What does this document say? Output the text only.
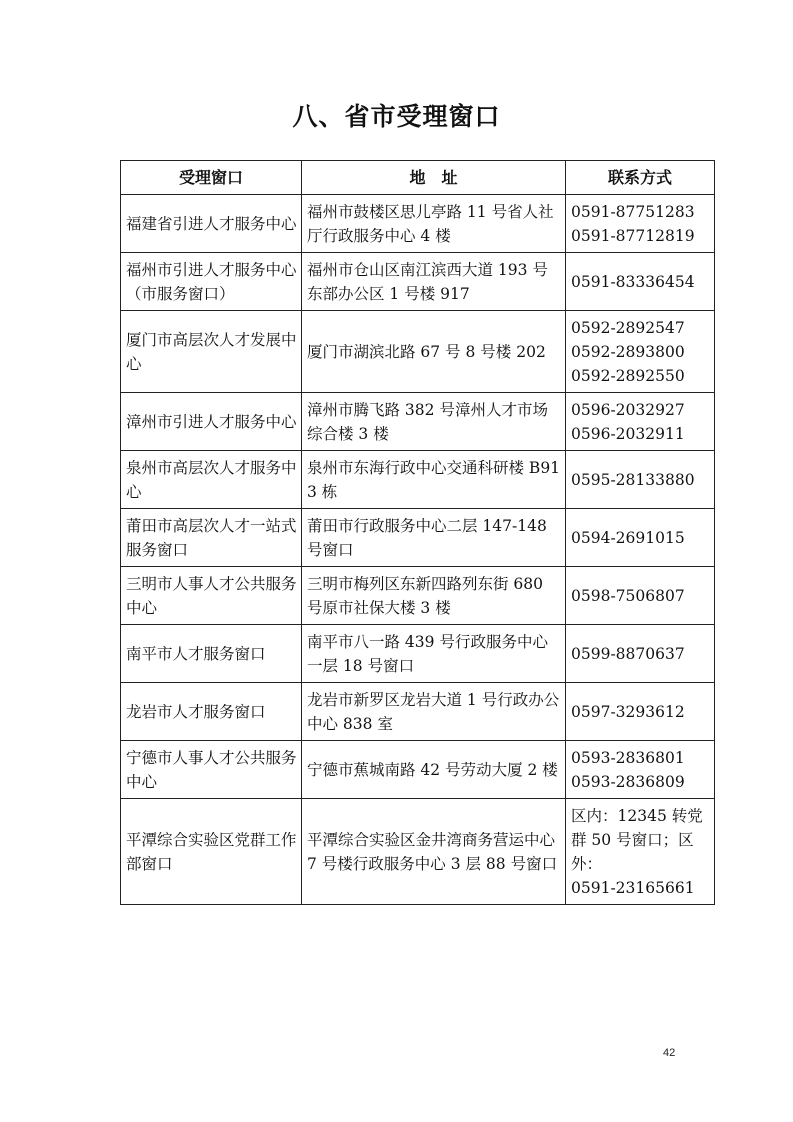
八、省市受理窗口
受理窗口	地　址	联系方式
福建省引进人才服务中心	福州市鼓楼区思儿亭路 11 号省人社厅行政服务中心 4 楼	0591-87751283
0591-87712819

福州市引进人才服务中心（市服务窗口）	福州市仓山区南江滨西大道 193 号东部办公区 1 号楼 917	0591-83336454

厦门市高层次人才发展中心	厦门市湖滨北路 67 号 8 号楼 202	0592-2892547
0592-2893800
0592-2892550

漳州市引进人才服务中心	漳州市腾飞路 382 号漳州人才市场综合楼 3 楼	0596-2032927
0596-2032911

泉州市高层次人才服务中心	泉州市东海行政中心交通科研楼 B913 栋	0595-28133880

莆田市高层次人才一站式服务窗口	莆田市行政服务中心二层 147-148 号窗口	0594-2691015

三明市人事人才公共服务中心	三明市梅列区东新四路列东街 680 号原市社保大楼 3 楼	0598-7506807

南平市人才服务窗口	南平市八一路 439 号行政服务中心一层 18 号窗口	0599-8870637

龙岩市人才服务窗口	龙岩市新罗区龙岩大道 1 号行政办公中心 838 室	0597-3293612

宁德市人事人才公共服务中心	宁德市蕉城南路 42 号劳动大厦 2 楼	0593-2836801
0593-2836809

平潭综合实验区党群工作部窗口	平潭综合实验区金井湾商务营运中心 7 号楼行政服务中心 3 层 88 号窗口	区内：12345 转党群 50 号窗口；区外：
0591-23165661
42
